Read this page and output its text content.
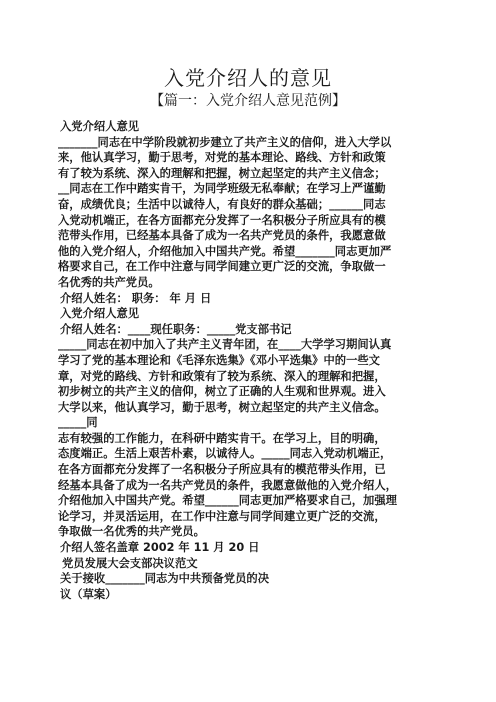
入党介绍人的意见
【篇一：入党介绍人意见范例】
入党介绍人意见
_______同志在中学阶段就初步建立了共产主义的信仰，进入大学以
来，他认真学习，勤于思考，对党的基本理论、路线、方针和政策
有了较为系统、深入的理解和把握，树立起坚定的共产主义信念；
__同志在工作中踏实肯干，为同学班级无私奉献；在学习上严谨勤
奋，成绩优良；生活中以诚待人，有良好的群众基础；______同志
入党动机端正，在各方面都充分发挥了一名积极分子所应具有的模
范带头作用，已经基本具备了成为一名共产党员的条件，我愿意做
他的入党介绍人，介绍他加入中国共产党。希望_______同志更加严
格要求自己，在工作中注意与同学间建立更广泛的交流，争取做一
名优秀的共产党员。
介绍人姓名： 职务： 年 月 日
入党介绍人意见
介绍人姓名：____现任职务：_____党支部书记
_____同志在初中加入了共产主义青年团，在____大学学习期间认真
学习了党的基本理论和《毛泽东选集》《邓小平选集》中的一些文
章，对党的路线、方针和政策有了较为系统、深入的理解和把握，
初步树立的共产主义的信仰，树立了正确的人生观和世界观。进入
大学以来，他认真学习，勤于思考，树立起坚定的共产主义信念。
_____同
志有较强的工作能力，在科研中踏实肯干。在学习上，目的明确，
态度端正。生活上艰苦朴素，以诚待人。_____同志入党动机端正，
在各方面都充分发挥了一名积极分子所应具有的模范带头作用，已
经基本具备了成为一名共产党员的条件，我愿意做他的入党介绍人，
介绍他加入中国共产党。希望______同志更加严格要求自己，加强理
论学习，并灵活运用，在工作中注意与同学间建立更广泛的交流，
争取做一名优秀的共产党员。
介绍人签名盖章 2002 年 11 月 20 日
党员发展大会支部决议范文
关于接收_______同志为中共预备党员的决
议（草案）
